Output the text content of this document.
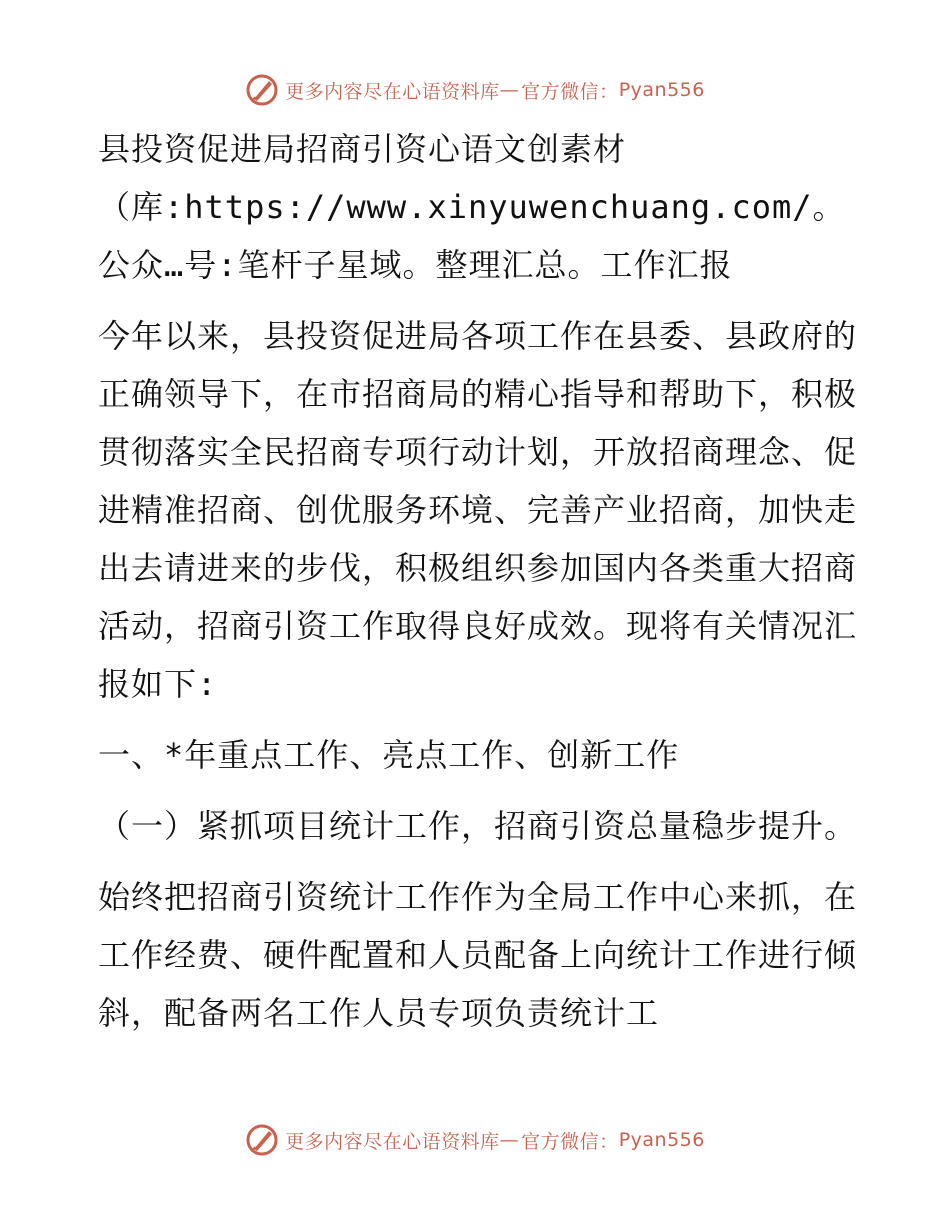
更多内容尽在心语资料库 — 官方微信： Pyan556

县投资促进局招商引资心语文创素材（库:https://www.xinyuwenchuang.com/。公众…号:笔杆子星域。整理汇总。工作汇报

今年以来，县投资促进局各项工作在县委、县政府的正确领导下，在市招商局的精心指导和帮助下，积极贯彻落实全民招商专项行动计划，开放招商理念、促进精准招商、创优服务环境、完善产业招商，加快走出去请进来的步伐，积极组织参加国内各类重大招商活动，招商引资工作取得良好成效。现将有关情况汇报如下:

一、*年重点工作、亮点工作、创新工作

（一）紧抓项目统计工作，招商引资总量稳步提升。

始终把招商引资统计工作作为全局工作中心来抓，在工作经费、硬件配置和人员配备上向统计工作进行倾斜，配备两名工作人员专项负责统计工

更多内容尽在心语资料库 — 官方微信： Pyan556
